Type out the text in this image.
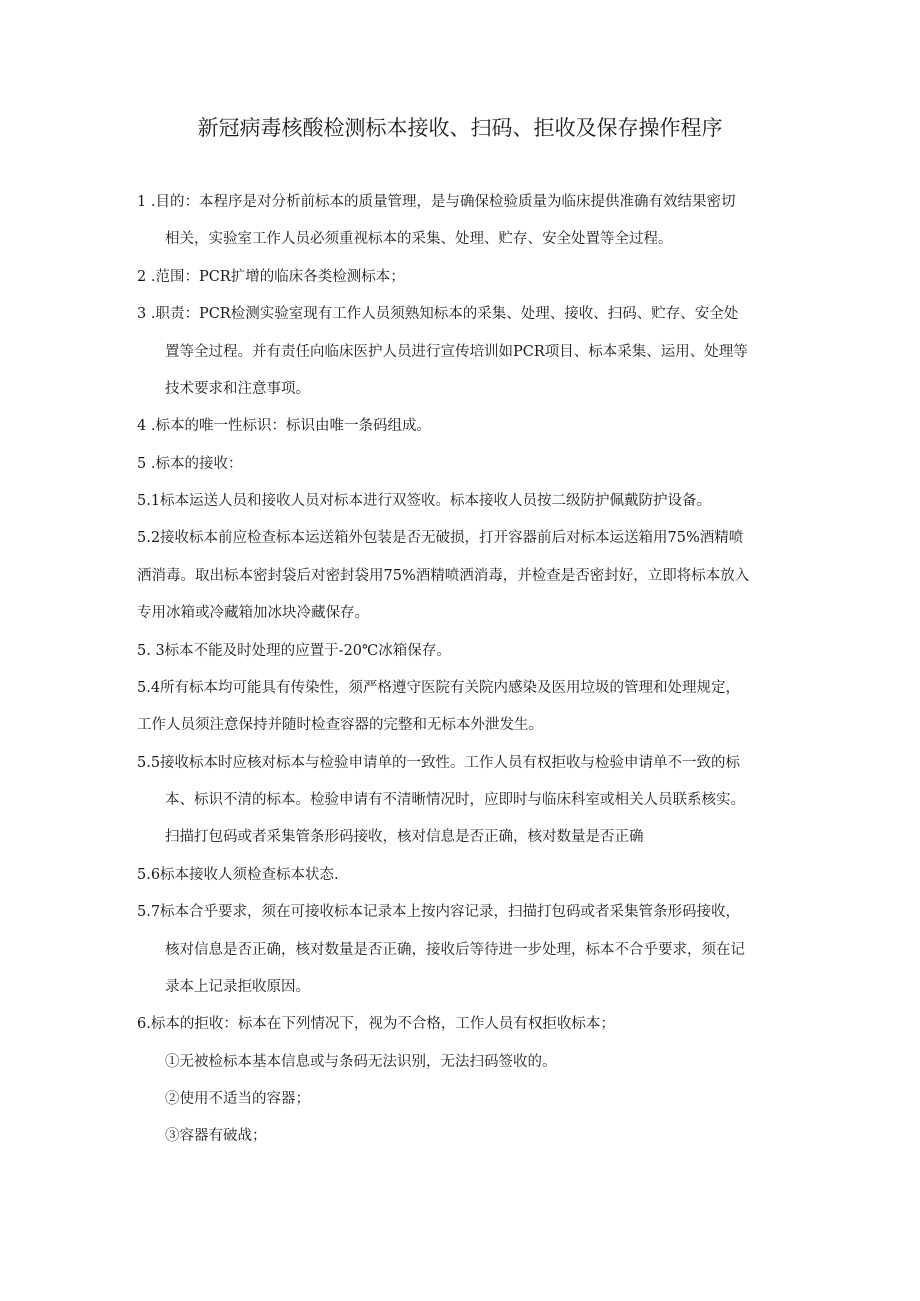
新冠病毒核酸检测标本接收、扫码、拒收及保存操作程序
1 .目的：本程序是对分析前标本的质量管理，是与确保检验质量为临床提供准确有效结果密切
相关，实验室工作人员必须重视标本的采集、处理、贮存、安全处置等全过程。
2 .范围：PCR扩增的临床各类检测标本；
3 .职责：PCR检测实验室现有工作人员须熟知标本的采集、处理、接收、扫码、贮存、安全处
置等全过程。并有责任向临床医护人员进行宣传培训如PCR项目、标本采集、运用、处理等
技术要求和注意事项。
4 .标本的唯一性标识：标识由唯一条码组成。
5 .标本的接收：
5.1标本运送人员和接收人员对标本进行双签收。标本接收人员按二级防护佩戴防护设备。
5.2接收标本前应检查标本运送箱外包装是否无破损，打开容器前后对标本运送箱用75%酒精喷
洒消毒。取出标本密封袋后对密封袋用75%酒精喷洒消毒，并检查是否密封好，立即将标本放入
专用冰箱或冷藏箱加冰块冷藏保存。
5. 3标本不能及时处理的应置于-20℃冰箱保存。
5.4所有标本均可能具有传染性，须严格遵守医院有关院内感染及医用垃圾的管理和处理规定，
工作人员须注意保持并随时检查容器的完整和无标本外泄发生。
5.5接收标本时应核对标本与检验申请单的一致性。工作人员有权拒收与检验申请单不一致的标
本、标识不清的标本。检验申请有不清晰情况时，应即时与临床科室或相关人员联系核实。
扫描打包码或者采集管条形码接收，核对信息是否正确，核对数量是否正确
5.6标本接收人须检查标本状态.
5.7标本合乎要求，须在可接收标本记录本上按内容记录，扫描打包码或者采集管条形码接收，
核对信息是否正确，核对数量是否正确，接收后等待进一步处理，标本不合乎要求，须在记
录本上记录拒收原因。
6.标本的拒收：标本在下列情况下，视为不合格，工作人员有权拒收标本；
①无被检标本基本信息或与条码无法识别，无法扫码签收的。
②使用不适当的容器；
③容器有破战；
